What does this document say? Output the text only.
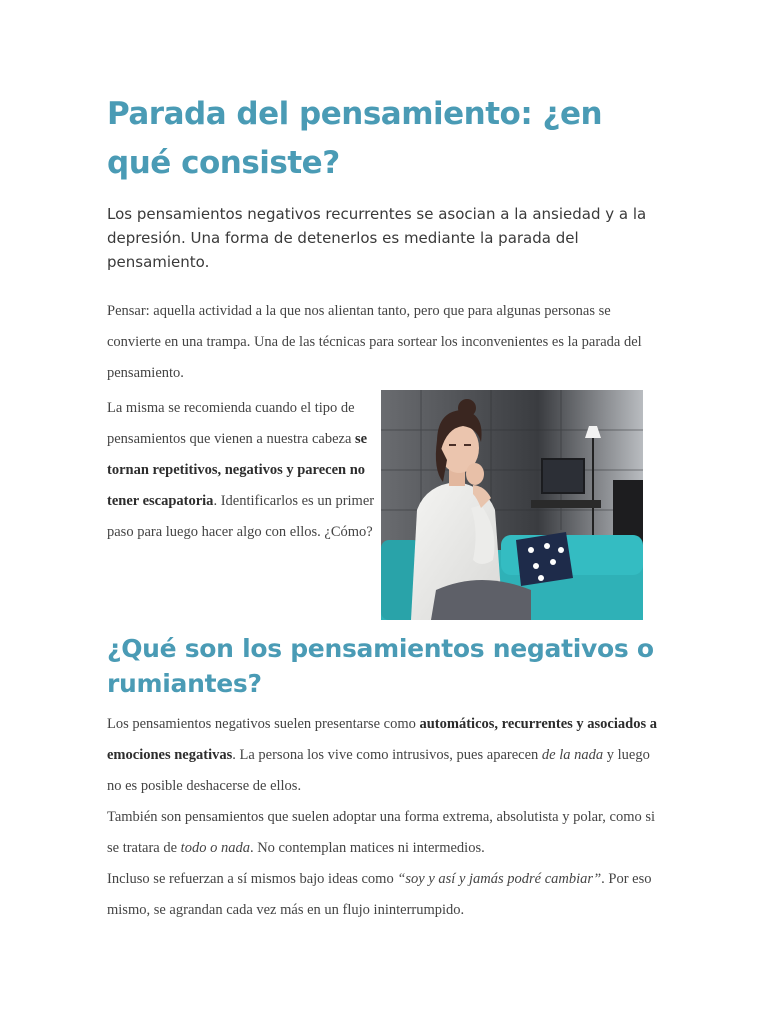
Parada del pensamiento: ¿en qué consiste?

Los pensamientos negativos recurrentes se asocian a la ansiedad y a la depresión. Una forma de detenerlos es mediante la parada del pensamiento.

Pensar: aquella actividad a la que nos alientan tanto, pero que para algunas personas se convierte en una trampa. Una de las técnicas para sortear los inconvenientes es la parada del pensamiento.

La misma se recomienda cuando el tipo de pensamientos que vienen a nuestra cabeza se tornan repetitivos, negativos y parecen no tener escapatoria. Identificarlos es un primer paso para luego hacer algo con ellos. ¿Cómo?

¿Qué son los pensamientos negativos o rumiantes?

Los pensamientos negativos suelen presentarse como automáticos, recurrentes y asociados a emociones negativas. La persona los vive como intrusivos, pues aparecen de la nada y luego no es posible deshacerse de ellos.
También son pensamientos que suelen adoptar una forma extrema, absolutista y polar, como si se tratara de todo o nada. No contemplan matices ni intermedios.
Incluso se refuerzan a sí mismos bajo ideas como “soy y así y jamás podré cambiar”. Por eso mismo, se agrandan cada vez más en un flujo ininterrumpido.
